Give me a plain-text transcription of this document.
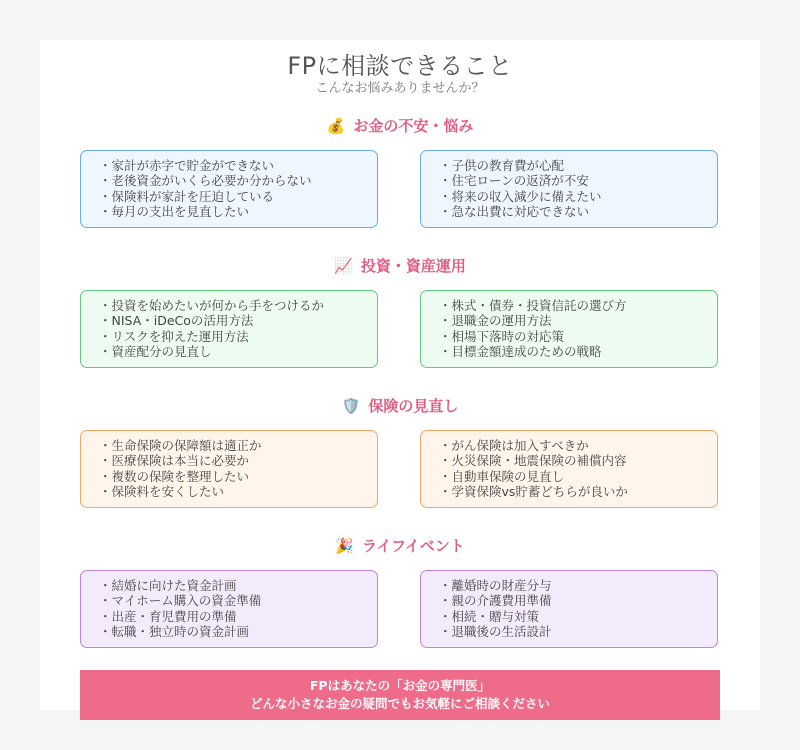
FPに相談できること
こんなお悩みありませんか？
💰 お金の不安・悩み
・家計が赤字で貯金ができない
・老後資金がいくら必要か分からない
・保険料が家計を圧迫している
・毎月の支出を見直したい
・子供の教育費が心配
・住宅ローンの返済が不安
・将来の収入減少に備えたい
・急な出費に対応できない
📈 投資・資産運用
・投資を始めたいが何から手をつけるか
・NISA・iDeCoの活用方法
・リスクを抑えた運用方法
・資産配分の見直し
・株式・債券・投資信託の選び方
・退職金の運用方法
・相場下落時の対応策
・目標金額達成のための戦略
🛡️ 保険の見直し
・生命保険の保障額は適正か
・医療保険は本当に必要か
・複数の保険を整理したい
・保険料を安くしたい
・がん保険は加入すべきか
・火災保険・地震保険の補償内容
・自動車保険の見直し
・学資保険vs貯蓄どちらが良いか
🎉 ライフイベント
・結婚に向けた資金計画
・マイホーム購入の資金準備
・出産・育児費用の準備
・転職・独立時の資金計画
・離婚時の財産分与
・親の介護費用準備
・相続・贈与対策
・退職後の生活設計
FPはあなたの「お金の専門医」
どんな小さなお金の疑問でもお気軽にご相談ください
